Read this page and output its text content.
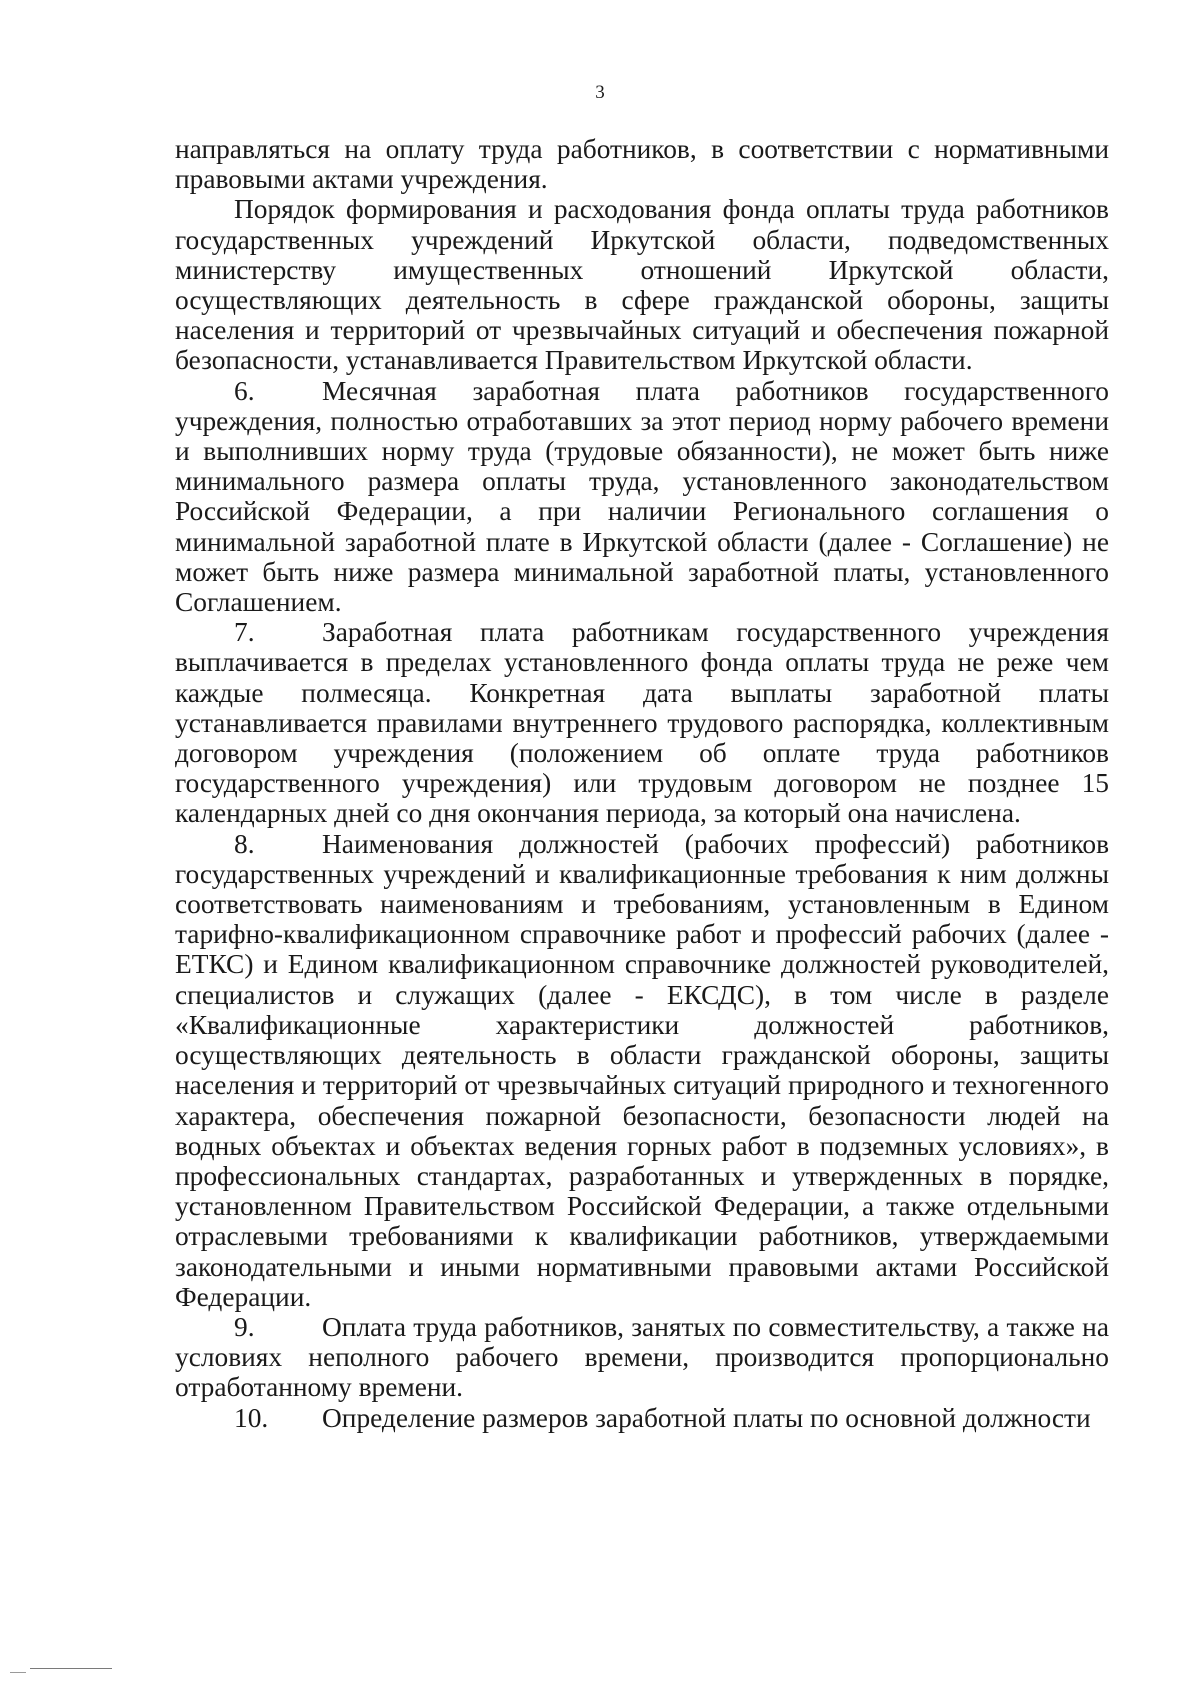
3

направляться на оплату труда работников, в соответствии с нормативными правовыми актами учреждения.

Порядок формирования и расходования фонда оплаты труда работников государственных учреждений Иркутской области, подведомственных министерству имущественных отношений Иркутской области, осуществляющих деятельность в сфере гражданской обороны, защиты населения и территорий от чрезвычайных ситуаций и обеспечения пожарной безопасности, устанавливается Правительством Иркутской области.

6. Месячная заработная плата работников государственного учреждения, полностью отработавших за этот период норму рабочего времени и выполнивших норму труда (трудовые обязанности), не может быть ниже минимального размера оплаты труда, установленного законодательством Российской Федерации, а при наличии Регионального соглашения о минимальной заработной плате в Иркутской области (далее - Соглашение) не может быть ниже размера минимальной заработной платы, установленного Соглашением.

7. Заработная плата работникам государственного учреждения выплачивается в пределах установленного фонда оплаты труда не реже чем каждые полмесяца. Конкретная дата выплаты заработной платы устанавливается правилами внутреннего трудового распорядка, коллективным договором учреждения (положением об оплате труда работников государственного учреждения) или трудовым договором не позднее 15 календарных дней со дня окончания периода, за который она начислена.

8. Наименования должностей (рабочих профессий) работников государственных учреждений и квалификационные требования к ним должны соответствовать наименованиям и требованиям, установленным в Едином тарифно-квалификационном справочнике работ и профессий рабочих (далее - ЕТКС) и Едином квалификационном справочнике должностей руководителей, специалистов и служащих (далее - ЕКСДС), в том числе в разделе «Квалификационные характеристики должностей работников, осуществляющих деятельность в области гражданской обороны, защиты населения и территорий от чрезвычайных ситуаций природного и техногенного характера, обеспечения пожарной безопасности, безопасности людей на водных объектах и объектах ведения горных работ в подземных условиях», в профессиональных стандартах, разработанных и утвержденных в порядке, установленном Правительством Российской Федерации, а также отдельными отраслевыми требованиями к квалификации работников, утверждаемыми законодательными и иными нормативными правовыми актами Российской Федерации.

9. Оплата труда работников, занятых по совместительству, а также на условиях неполного рабочего времени, производится пропорционально отработанному времени.

10. Определение размеров заработной платы по основной должности
